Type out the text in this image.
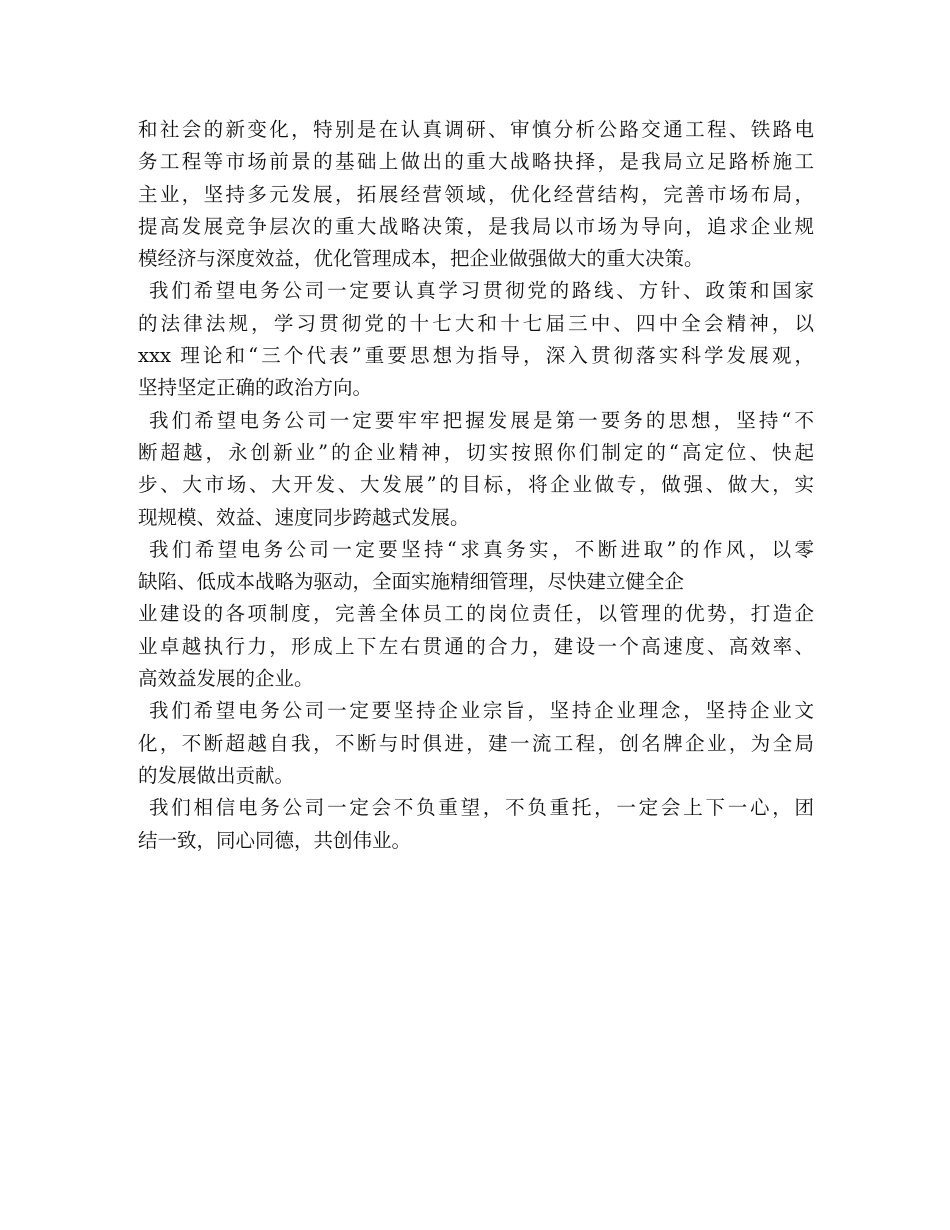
和社会的新变化，特别是在认真调研、审慎分析公路交通工程、铁路电
务工程等市场前景的基础上做出的重大战略抉择，是我局立足路桥施工
主业，坚持多元发展，拓展经营领域，优化经营结构，完善市场布局，
提高发展竞争层次的重大战略决策，是我局以市场为导向，追求企业规
模经济与深度效益，优化管理成本，把企业做强做大的重大决策。

我们希望电务公司一定要认真学习贯彻党的路线、方针、政策和国家
的法律法规，学习贯彻党的十七大和十七届三中、四中全会精神，以
xxx 理论和“三个代表”重要思想为指导，深入贯彻落实科学发展观，
坚持坚定正确的政治方向。

我们希望电务公司一定要牢牢把握发展是第一要务的思想，坚持“不
断超越，永创新业”的企业精神，切实按照你们制定的“高定位、快起
步、大市场、大开发、大发展”的目标，将企业做专，做强、做大，实
现规模、效益、速度同步跨越式发展。

我们希望电务公司一定要坚持“求真务实，不断进取”的作风，以零
缺陷、低成本战略为驱动，全面实施精细管理，尽快建立健全企
业建设的各项制度，完善全体员工的岗位责任，以管理的优势，打造企
业卓越执行力，形成上下左右贯通的合力，建设一个高速度、高效率、
高效益发展的企业。

我们希望电务公司一定要坚持企业宗旨，坚持企业理念，坚持企业文
化，不断超越自我，不断与时俱进，建一流工程，创名牌企业，为全局
的发展做出贡献。

我们相信电务公司一定会不负重望，不负重托，一定会上下一心，团
结一致，同心同德，共创伟业。
